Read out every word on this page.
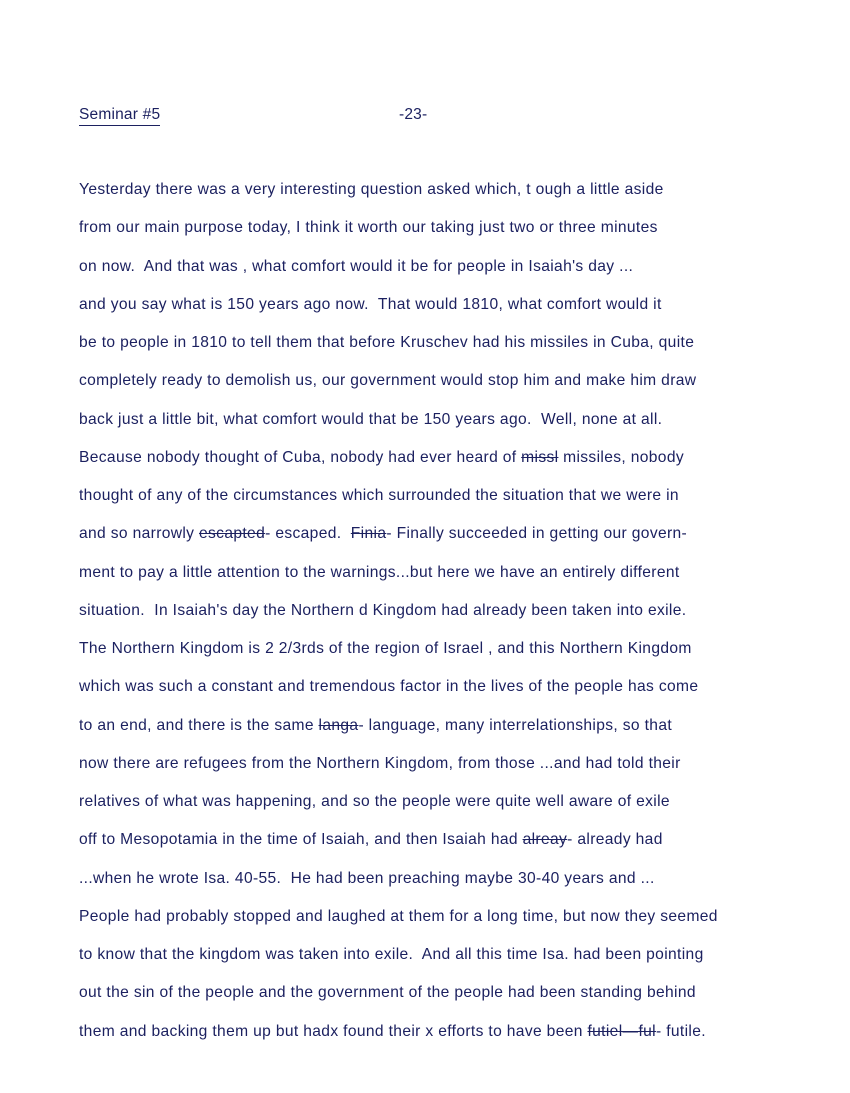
Seminar #5	-23-
Yesterday there was a very interesting question asked which, t ough a little aside
from our main purpose today, I think it worth our taking just two or three minutes
on now.  And that was , what comfort would it be for people in Isaiah's day ...
and you say what is 150 years ago now.  That would 1810, what comfort would it
be to people in 1810 to tell them that before Kruschev had his missiles in Cuba, quite
completely ready to demolish us, our government would stop him and make him draw
back just a little bit, what comfort would that be 150 years ago.  Well, none at all.
Because nobody thought of Cuba, nobody had ever heard of missl missiles, nobody
thought of any of the circumstances which surrounded the situation that we were in
and so narrowly escapted- escaped.  Finia- Finally succeeded in getting our govern-
ment to pay a little attention to the warnings...but here we have an entirely different
situation.  In Isaiah's day the Northern d Kingdom had already been taken into exile.
The Northern Kingdom is 2 2/3rds of the region of Israel , and this Northern Kingdom
which was such a constant and tremendous factor in the lives of the people has come
to an end, and there is the same langa- language, many interrelationships, so that
now there are refugees from the Northern Kingdom, from those ...and had told their
relatives of what was happening, and so the people were quite well aware of exile
off to Mesopotamia in the time of Isaiah, and then Isaiah had alreay- already had
...when he wrote Isa. 40-55.  He had been preaching maybe 30-40 years and ...
People had probably stopped and laughed at them for a long time, but now they seemed
to know that the kingdom was taken into exile.  And all this time Isa. had been pointing
out the sin of the people and the government of the people had been standing behind
them and backing them up but hadx found their x efforts to have been futiel—ful- futile.
